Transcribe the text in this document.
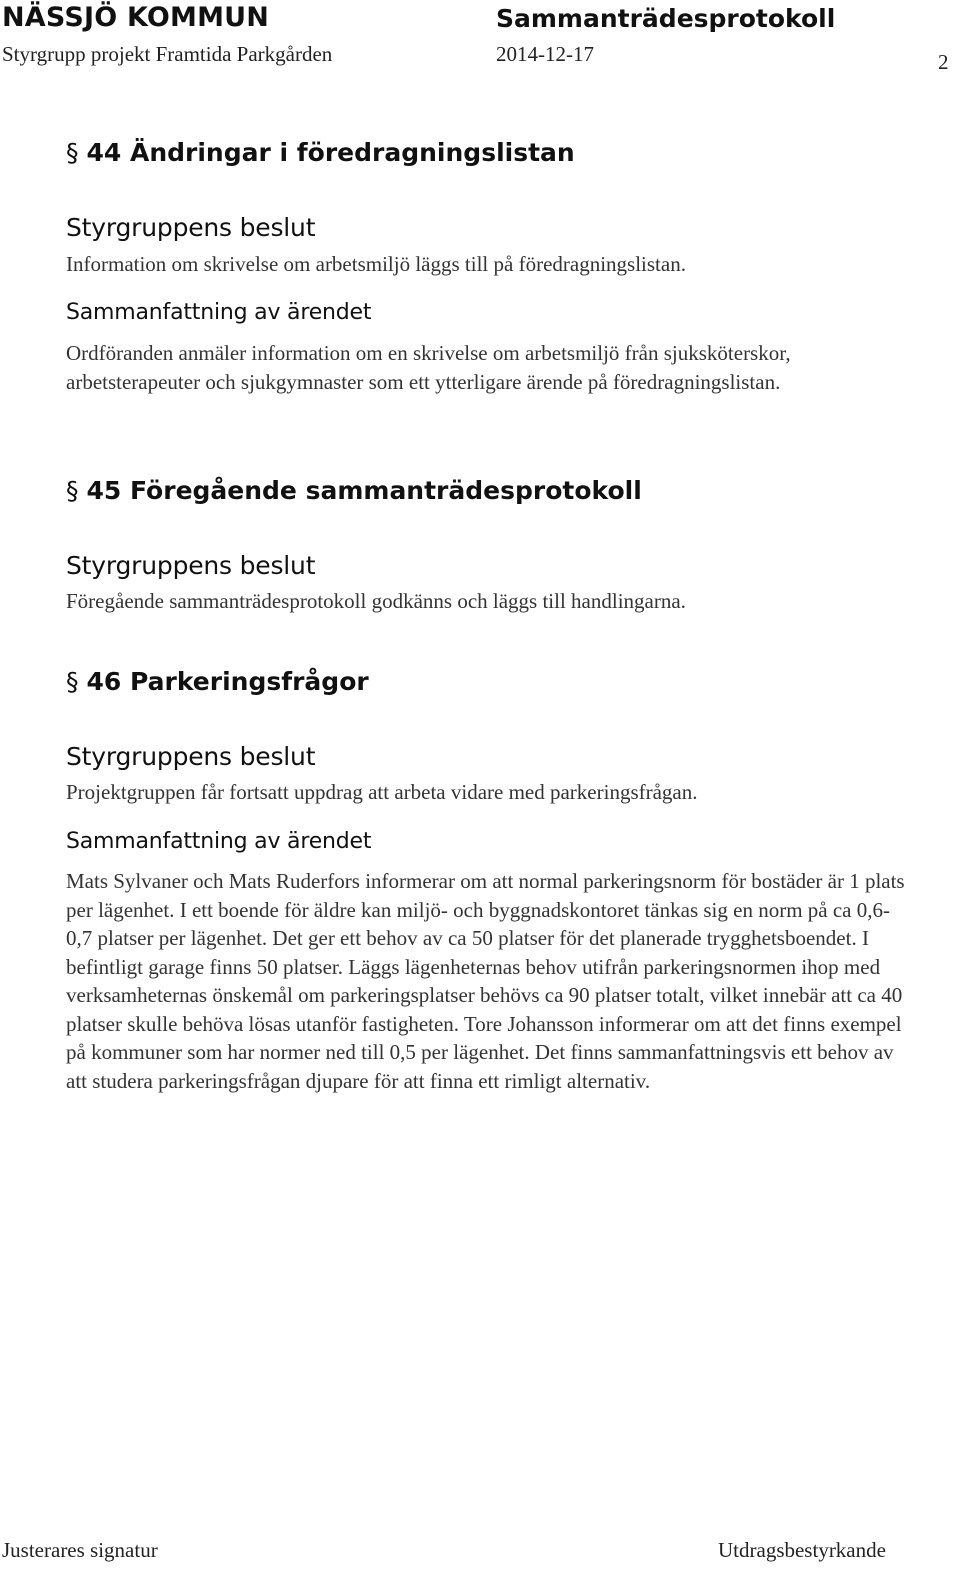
NÄSSJÖ KOMMUN	Sammanträdesprotokoll
Styrgrupp projekt Framtida Parkgården	2014-12-17	2
§ 44 Ändringar i föredragningslistan
Styrgruppens beslut
Information om skrivelse om arbetsmiljö läggs till på föredragningslistan.
Sammanfattning av ärendet
Ordföranden anmäler information om en skrivelse om arbetsmiljö från sjuksköterskor, arbetsterapeuter och sjukgymnaster som ett ytterligare ärende på föredragningslistan.
§ 45 Föregående sammanträdesprotokoll
Styrgruppens beslut
Föregående sammanträdesprotokoll godkänns och läggs till handlingarna.
§ 46 Parkeringsfrågor
Styrgruppens beslut
Projektgruppen får fortsatt uppdrag att arbeta vidare med parkeringsfrågan.
Sammanfattning av ärendet
Mats Sylvaner och Mats Ruderfors informerar om att normal parkeringsnorm för bostäder är 1 plats per lägenhet. I ett boende för äldre kan miljö- och byggnadskontoret tänkas sig en norm på ca 0,6-0,7 platser per lägenhet. Det ger ett behov av ca 50 platser för det planerade trygghetsboendet. I befintligt garage finns 50 platser. Läggs lägenheternas behov utifrån parkeringsnormen ihop med verksamheternas önskemål om parkeringsplatser behövs ca 90 platser totalt, vilket innebär att ca 40 platser skulle behöva lösas utanför fastigheten. Tore Johansson informerar om att det finns exempel på kommuner som har normer ned till 0,5 per lägenhet. Det finns sammanfattningsvis ett behov av att studera parkeringsfrågan djupare för att finna ett rimligt alternativ.
Justerares signatur	Utdragsbestyrkande
